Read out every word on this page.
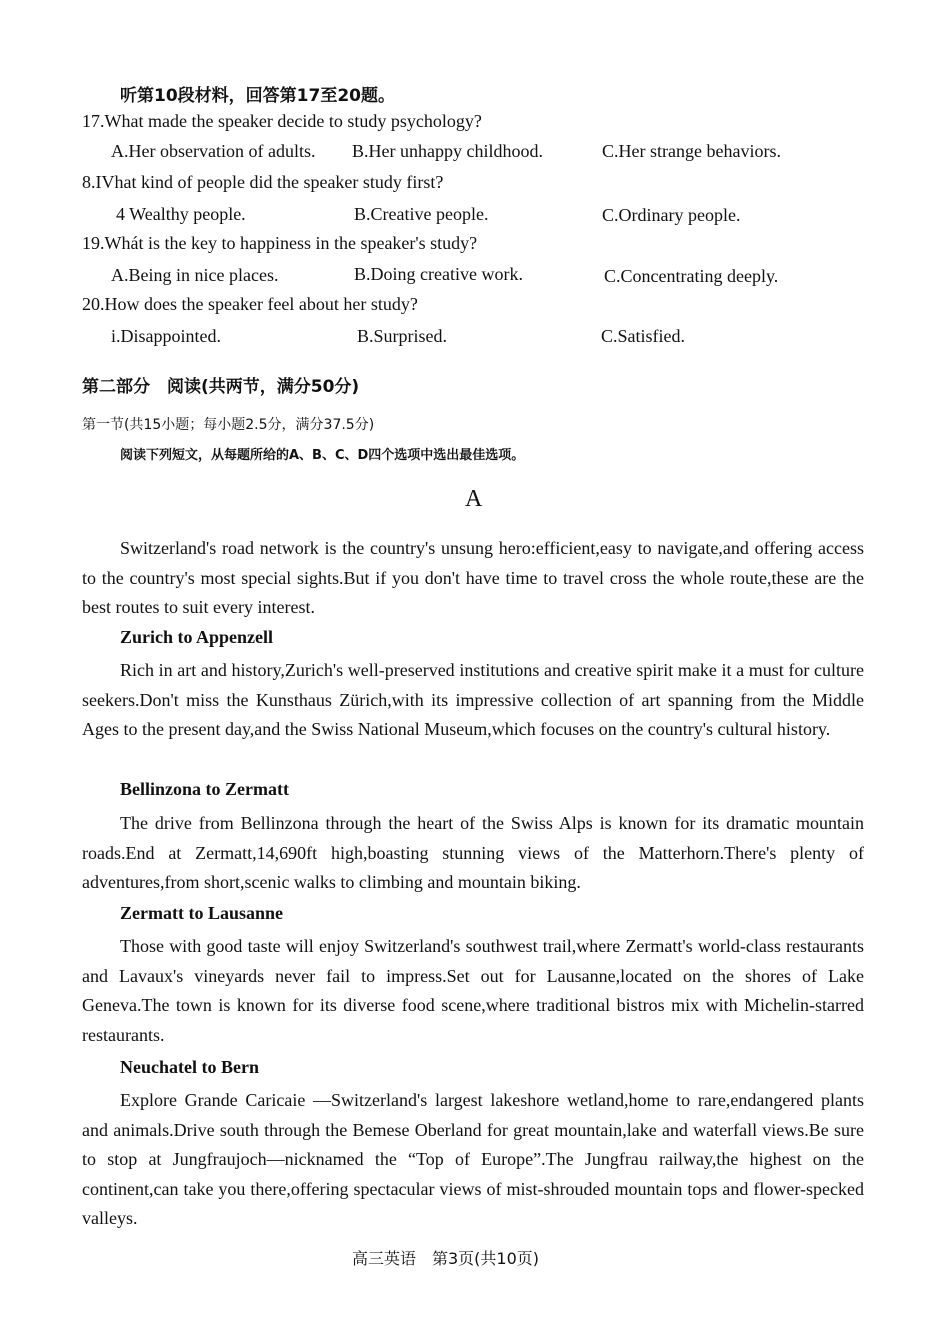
听第10段材料，回答第17至20题。
17.What made the speaker decide to study psychology?
A.Her observation of adults. B.Her unhappy childhood.	C.Her strange behaviors.
8.IVhat kind of people did the speaker study first?
4 Wealthy people.	B.Creative people.	C.Ordinary people.
19.Whát is the key to happiness in the speaker's study?
A.Being in nice places.	B.Doing creative work.	C.Concentrating deeply.
20.How does the speaker feel about her study?
i.Disappointed.	B.Surprised.	C.Satisfied.
第二部分　阅读(共两节，满分50分)
第一节(共15小题；每小题2.5分，满分37.5分)
阅读下列短文，从每题所给的A、B、C、D四个选项中选出最佳选项。
A
Switzerland's road network is the country's unsung hero:efficient,easy to navigate,and offering access to the country's most special sights.But if you don't have time to travel cross the whole route,these are the best routes to suit every interest.
Zurich to Appenzell
Rich in art and history,Zurich's well-preserved institutions and creative spirit make it a must for culture seekers.Don't miss the Kunsthaus Zürich,with its impressive collection of art spanning from the Middle Ages to the present day,and the Swiss National Museum,which focuses on the country's cultural history.
Bellinzona to Zermatt
The drive from Bellinzona through the heart of the Swiss Alps is known for its dramatic mountain roads.End at Zermatt,14,690ft high,boasting stunning views of the Matterhorn.There's plenty of adventures,from short,scenic walks to climbing and mountain biking.
Zermatt to Lausanne
Those with good taste will enjoy Switzerland's southwest trail,where Zermatt's world-class restaurants and Lavaux's vineyards never fail to impress.Set out for Lausanne,located on the shores of Lake Geneva.The town is known for its diverse food scene,where traditional bistros mix with Michelin-starred restaurants.
Neuchatel to Bern
Explore Grande Caricaie —Switzerland's largest lakeshore wetland,home to rare,endangered plants and animals.Drive south through the Bemese Oberland for great mountain,lake and waterfall views.Be sure to stop at Jungfraujoch—nicknamed the “Top of Europe”.The Jungfrau railway,the highest on the continent,can take you there,offering spectacular views of mist-shrouded mountain tops and flower-specked valleys.
高三英语　第3页(共10页)
